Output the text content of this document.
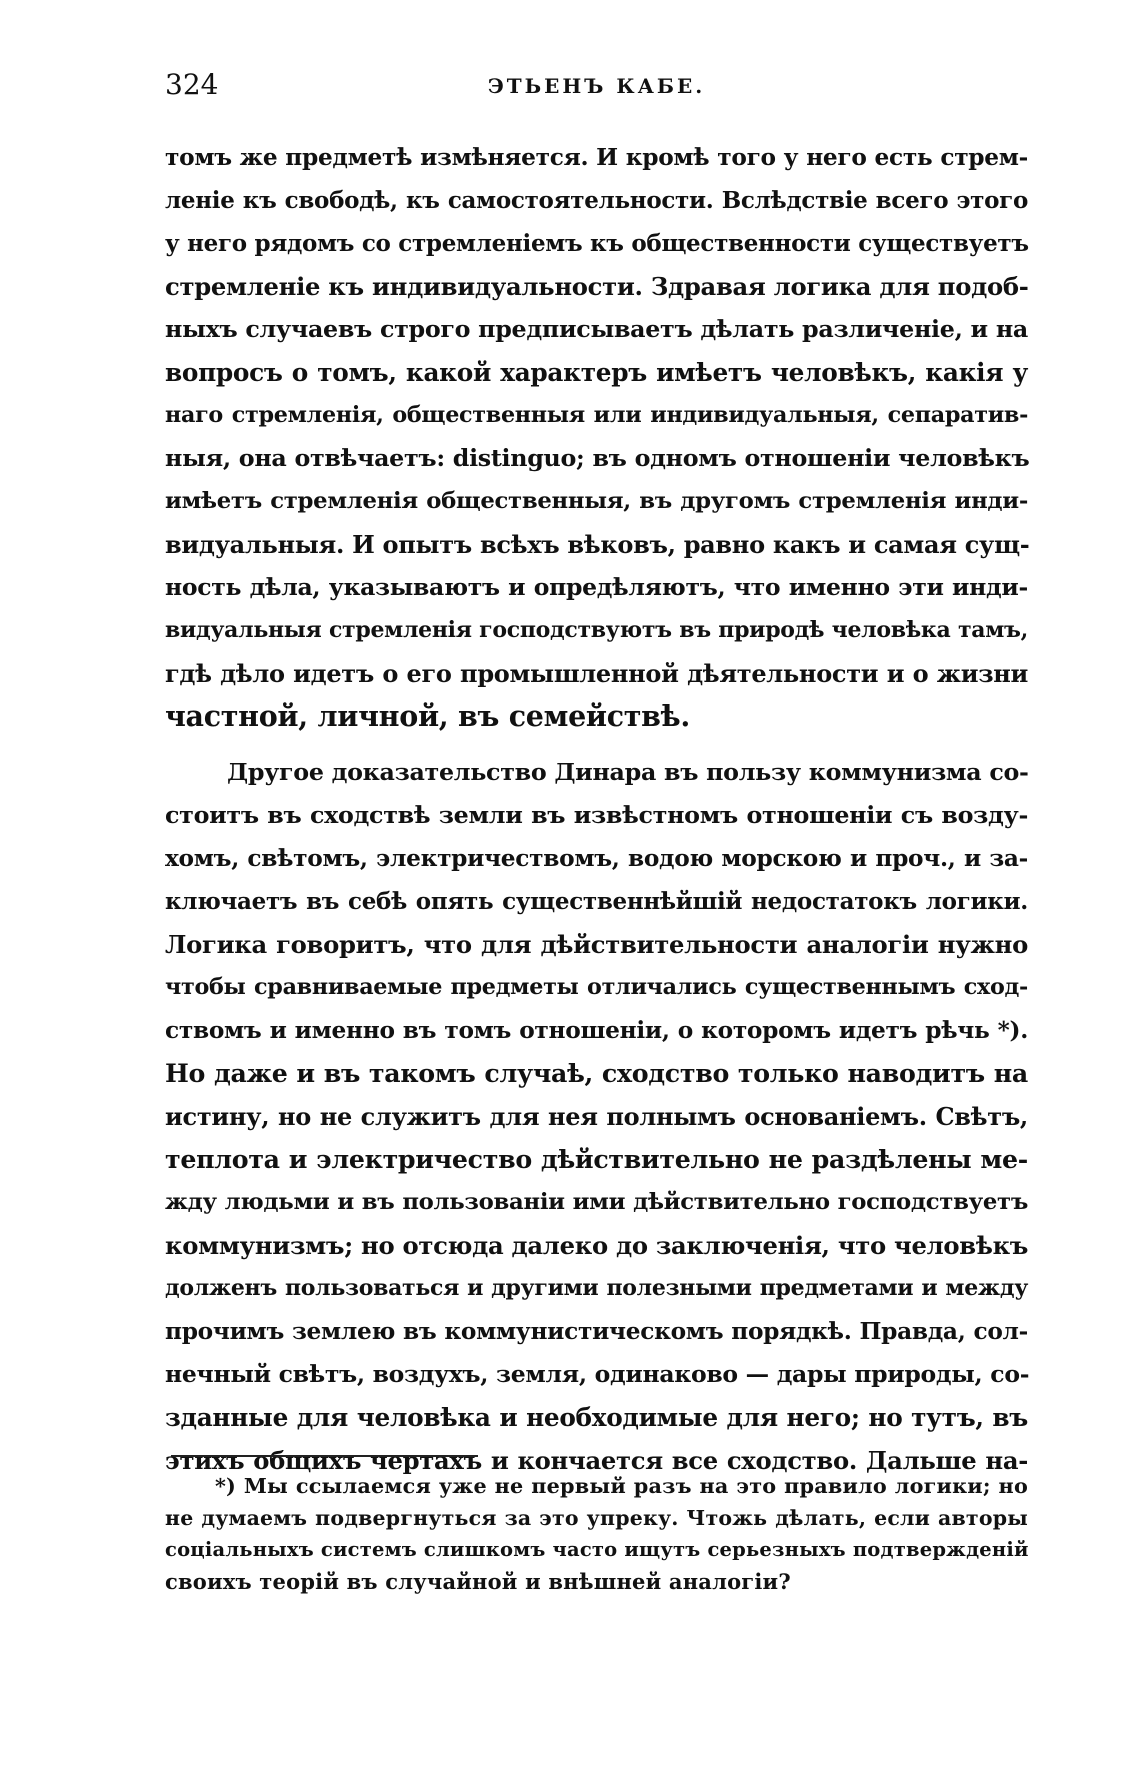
324	ЭТЬЕНЪ КАБЕ.
томъ же предметѣ измѣняется. И кромѣ того у него есть стрем-
леніе къ свободѣ, къ самостоятельности. Вслѣдствіе всего этого
у него рядомъ со стремленіемъ къ общественности существуетъ
стремленіе къ индивидуальности. Здравая логика для подоб-
ныхъ случаевъ строго предписываетъ дѣлать различеніе, и на
вопросъ о томъ, какой характеръ имѣетъ человѣкъ, какія у
наго стремленія, общественныя или индивидуальныя, сепаратив-
ныя, она отвѣчаетъ: distinguo; въ одномъ отношеніи человѣкъ
имѣетъ стремленія общественныя, въ другомъ стремленія инди-
видуальныя. И опытъ всѣхъ вѣковъ, равно какъ и самая сущ-
ность дѣла, указываютъ и опредѣляютъ, что именно эти инди-
видуальныя стремленія господствуютъ въ природѣ человѣка тамъ,
гдѣ дѣло идетъ о его промышленной дѣятельности и о жизни
частной, личной, въ семействѣ.
Другое доказательство Динара въ пользу коммунизма со-
стоитъ въ сходствѣ земли въ извѣстномъ отношеніи съ возду-
хомъ, свѣтомъ, электричествомъ, водою морскою и проч., и за-
ключаетъ въ себѣ опять существеннѣйшій недостатокъ логики.
Логика говоритъ, что для дѣйствительности аналогіи нужно
чтобы сравниваемые предметы отличались существеннымъ сход-
ствомъ и именно въ томъ отношеніи, о которомъ идетъ рѣчь *).
Но даже и въ такомъ случаѣ, сходство только наводитъ на
истину, но не служитъ для нея полнымъ основаніемъ. Свѣтъ,
теплота и электричество дѣйствительно не раздѣлены ме-
жду людьми и въ пользованіи ими дѣйствительно господствуетъ
коммунизмъ; но отсюда далеко до заключенія, что человѣкъ
долженъ пользоваться и другими полезными предметами и между
прочимъ землею въ коммунистическомъ порядкѣ. Правда, сол-
нечный свѣтъ, воздухъ, земля, одинаково — дары природы, со-
зданные для человѣка и необходимые для него; но тутъ, въ
этихъ общихъ чертахъ и кончается все сходство. Дальше на-
*) Мы ссылаемся уже не первый разъ на это правило логики; но
не думаемъ подвергнуться за это упреку. Чтожь дѣлать, если авторы
соціальныхъ системъ слишкомъ часто ищутъ серьезныхъ подтвержденій
своихъ теорій въ случайной и внѣшней аналогіи?
